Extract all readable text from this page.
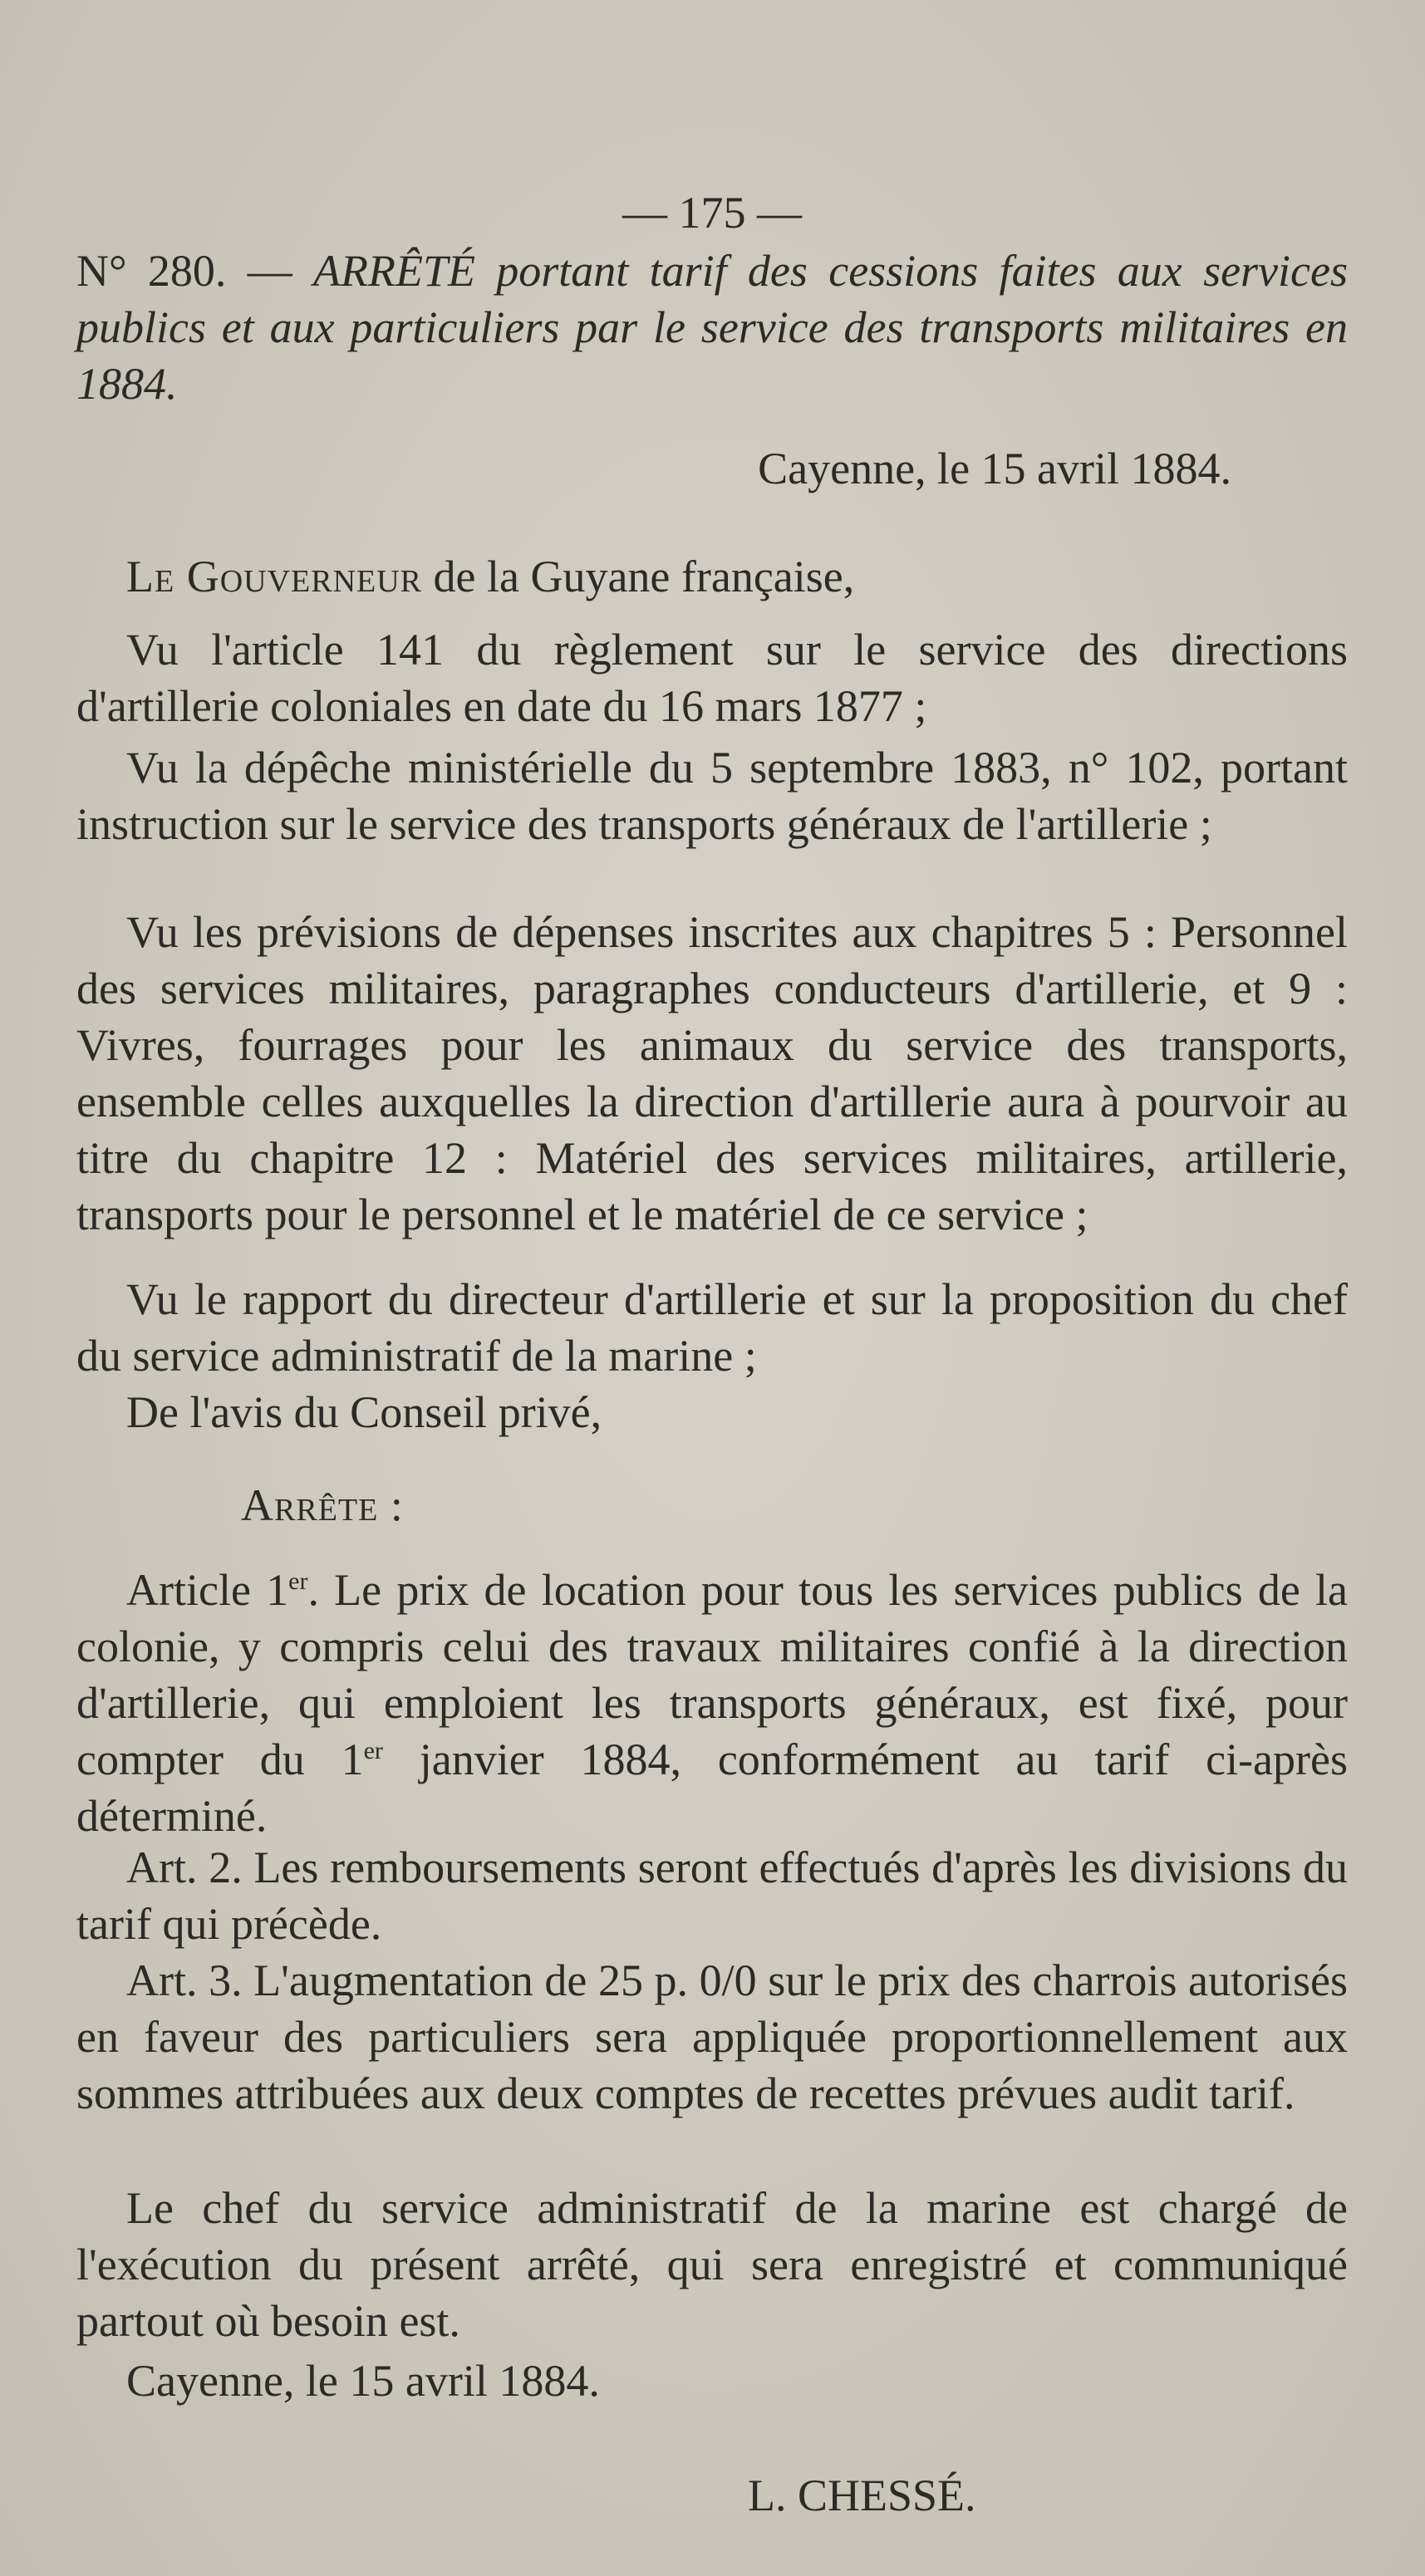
— 175 —

N° 280. — ARRÊTÉ portant tarif des cessions faites aux services publics et aux particuliers par le service des transports militaires en 1884.

Cayenne, le 15 avril 1884.

Le Gouverneur de la Guyane française,

Vu l'article 141 du règlement sur le service des directions d'artillerie coloniales en date du 16 mars 1877 ;

Vu la dépêche ministérielle du 5 septembre 1883, n° 102, portant instruction sur le service des transports généraux de l'artillerie ;

Vu les prévisions de dépenses inscrites aux chapitres 5 : Personnel des services militaires, paragraphes conducteurs d'artillerie, et 9 : Vivres, fourrages pour les animaux du service des transports, ensemble celles auxquelles la direction d'artillerie aura à pourvoir au titre du chapitre 12 : Matériel des services militaires, artillerie, transports pour le personnel et le matériel de ce service ;

Vu le rapport du directeur d'artillerie et sur la proposition du chef du service administratif de la marine ;

De l'avis du Conseil privé,

Arrête :

Article 1er. Le prix de location pour tous les services publics de la colonie, y compris celui des travaux militaires confié à la direction d'artillerie, qui emploient les transports généraux, est fixé, pour compter du 1er janvier 1884, conformément au tarif ci-après déterminé.

Art. 2. Les remboursements seront effectués d'après les divisions du tarif qui précède.

Art. 3. L'augmentation de 25 p. 0/0 sur le prix des charrois autorisés en faveur des particuliers sera appliquée proportionnellement aux sommes attribuées aux deux comptes de recettes prévues audit tarif.

Le chef du service administratif de la marine est chargé de l'exécution du présent arrêté, qui sera enregistré et communiqué partout où besoin est.

Cayenne, le 15 avril 1884.

L. CHESSÉ.
